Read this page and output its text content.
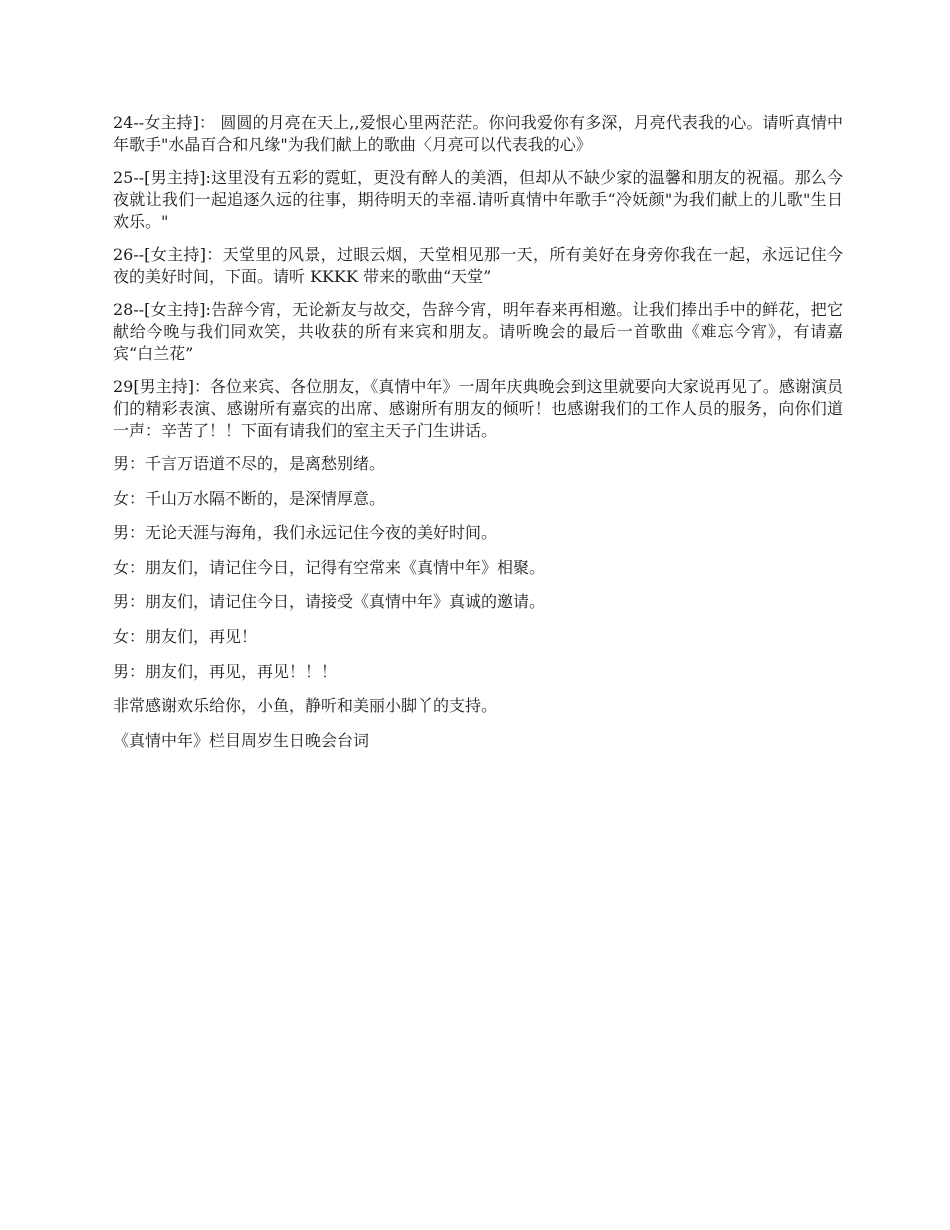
24--女主持]： 圆圆的月亮在天上,,爱恨心里两茫茫。你问我爱你有多深，月亮代表我的心。请听真情中年歌手"水晶百合和凡缘"为我们献上的歌曲〈月亮可以代表我的心》

25--[男主持]:这里没有五彩的霓虹，更没有醉人的美酒，但却从不缺少家的温馨和朋友的祝福。那么今夜就让我们一起追逐久远的往事，期待明天的幸福.请听真情中年歌手“冷妩颜"为我们献上的儿歌"生日欢乐。"

26--[女主持]：天堂里的风景，过眼云烟，天堂相见那一天，所有美好在身旁你我在一起，永远记住今夜的美好时间，下面。请听 KKKK 带来的歌曲“天堂”

28--[女主持]:告辞今宵，无论新友与故交，告辞今宵，明年春来再相邀。让我们捧出手中的鲜花，把它献给今晚与我们同欢笑，共收获的所有来宾和朋友。请听晚会的最后一首歌曲《难忘今宵》，有请嘉宾“白兰花”

29[男主持]：各位来宾、各位朋友，《真情中年》一周年庆典晚会到这里就要向大家说再见了。感谢演员们的精彩表演、感谢所有嘉宾的出席、感谢所有朋友的倾听！也感谢我们的工作人员的服务，向你们道一声：辛苦了！！下面有请我们的室主天子门生讲话。

男：千言万语道不尽的，是离愁别绪。

女：千山万水隔不断的，是深情厚意。

男：无论天涯与海角，我们永远记住今夜的美好时间。

女：朋友们，请记住今日，记得有空常来《真情中年》相聚。

男：朋友们，请记住今日，请接受《真情中年》真诚的邀请。

女：朋友们，再见！

男：朋友们，再见，再见！！！

非常感谢欢乐给你，小鱼，静听和美丽小脚丫的支持。

《真情中年》栏目周岁生日晚会台词
